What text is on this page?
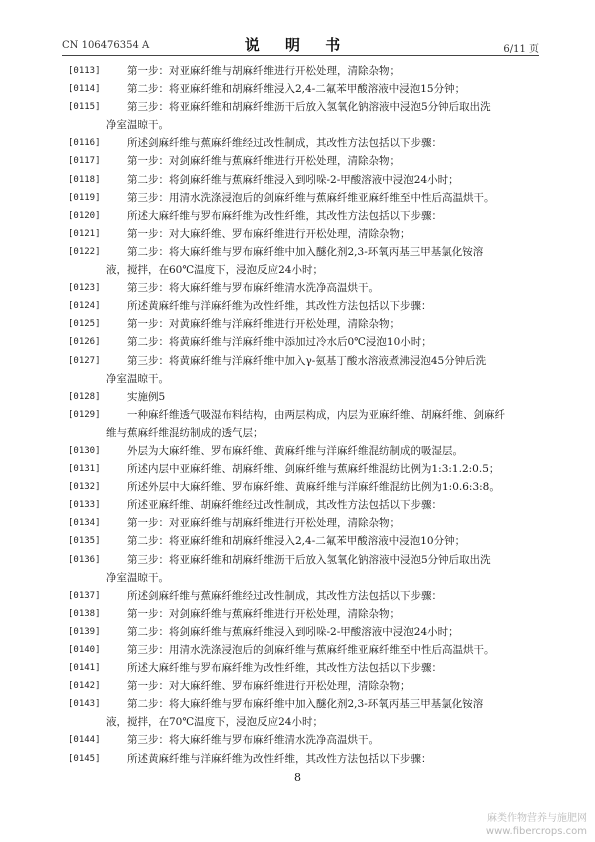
CN 106476354 A	说 明 书	6/11 页
[0113]	第一步：对亚麻纤维与胡麻纤维进行开松处理，清除杂物；
[0114]	第二步：将亚麻纤维和胡麻纤维浸入2,4-二氟苯甲酸溶液中浸泡15分钟；
[0115]	第三步：将亚麻纤维和胡麻纤维沥干后放入氢氧化钠溶液中浸泡5分钟后取出洗
净室温晾干。
[0116]	所述剑麻纤维与蕉麻纤维经过改性制成，其改性方法包括以下步骤：
[0117]	第一步：对剑麻纤维与蕉麻纤维进行开松处理，清除杂物；
[0118]	第二步：将剑麻纤维与蕉麻纤维浸入到吲哚-2-甲酸溶液中浸泡24小时；
[0119]	第三步：用清水洗涤浸泡后的剑麻纤维与蕉麻纤维亚麻纤维至中性后高温烘干。
[0120]	所述大麻纤维与罗布麻纤维为改性纤维，其改性方法包括以下步骤：
[0121]	第一步：对大麻纤维、罗布麻纤维进行开松处理，清除杂物；
[0122]	第二步：将大麻纤维与罗布麻纤维中加入醚化剂2,3-环氧丙基三甲基氯化铵溶
液，搅拌，在60℃温度下，浸泡反应24小时；
[0123]	第三步：将大麻纤维与罗布麻纤维清水洗净高温烘干。
[0124]	所述黄麻纤维与洋麻纤维为改性纤维，其改性方法包括以下步骤：
[0125]	第一步：对黄麻纤维与洋麻纤维进行开松处理，清除杂物；
[0126]	第二步：将黄麻纤维与洋麻纤维中添加过冷水后0℃浸泡10小时；
[0127]	第三步：将黄麻纤维与洋麻纤维中加入γ-氨基丁酸水溶液煮沸浸泡45分钟后洗
净室温晾干。
[0128]	实施例5
[0129]	一种麻纤维透气吸湿布料结构，由两层构成，内层为亚麻纤维、胡麻纤维、剑麻纤
维与蕉麻纤维混纺制成的透气层；
[0130]	外层为大麻纤维、罗布麻纤维、黄麻纤维与洋麻纤维混纺制成的吸湿层。
[0131]	所述内层中亚麻纤维、胡麻纤维、剑麻纤维与蕉麻纤维混纺比例为1:3:1.2:0.5；
[0132]	所述外层中大麻纤维、罗布麻纤维、黄麻纤维与洋麻纤维混纺比例为1:0.6:3:8。
[0133]	所述亚麻纤维、胡麻纤维经过改性制成，其改性方法包括以下步骤：
[0134]	第一步：对亚麻纤维与胡麻纤维进行开松处理，清除杂物；
[0135]	第二步：将亚麻纤维和胡麻纤维浸入2,4-二氟苯甲酸溶液中浸泡10分钟；
[0136]	第三步：将亚麻纤维和胡麻纤维沥干后放入氢氧化钠溶液中浸泡5分钟后取出洗
净室温晾干。
[0137]	所述剑麻纤维与蕉麻纤维经过改性制成，其改性方法包括以下步骤：
[0138]	第一步：对剑麻纤维与蕉麻纤维进行开松处理，清除杂物；
[0139]	第二步：将剑麻纤维与蕉麻纤维浸入到吲哚-2-甲酸溶液中浸泡24小时；
[0140]	第三步：用清水洗涤浸泡后的剑麻纤维与蕉麻纤维亚麻纤维至中性后高温烘干。
[0141]	所述大麻纤维与罗布麻纤维为改性纤维，其改性方法包括以下步骤：
[0142]	第一步：对大麻纤维、罗布麻纤维进行开松处理，清除杂物；
[0143]	第二步：将大麻纤维与罗布麻纤维中加入醚化剂2,3-环氧丙基三甲基氯化铵溶
液，搅拌，在70℃温度下，浸泡反应24小时；
[0144]	第三步：将大麻纤维与罗布麻纤维清水洗净高温烘干。
[0145]	所述黄麻纤维与洋麻纤维为改性纤维，其改性方法包括以下步骤：
8
麻类作物营养与施肥网
www.fibercrops.com
